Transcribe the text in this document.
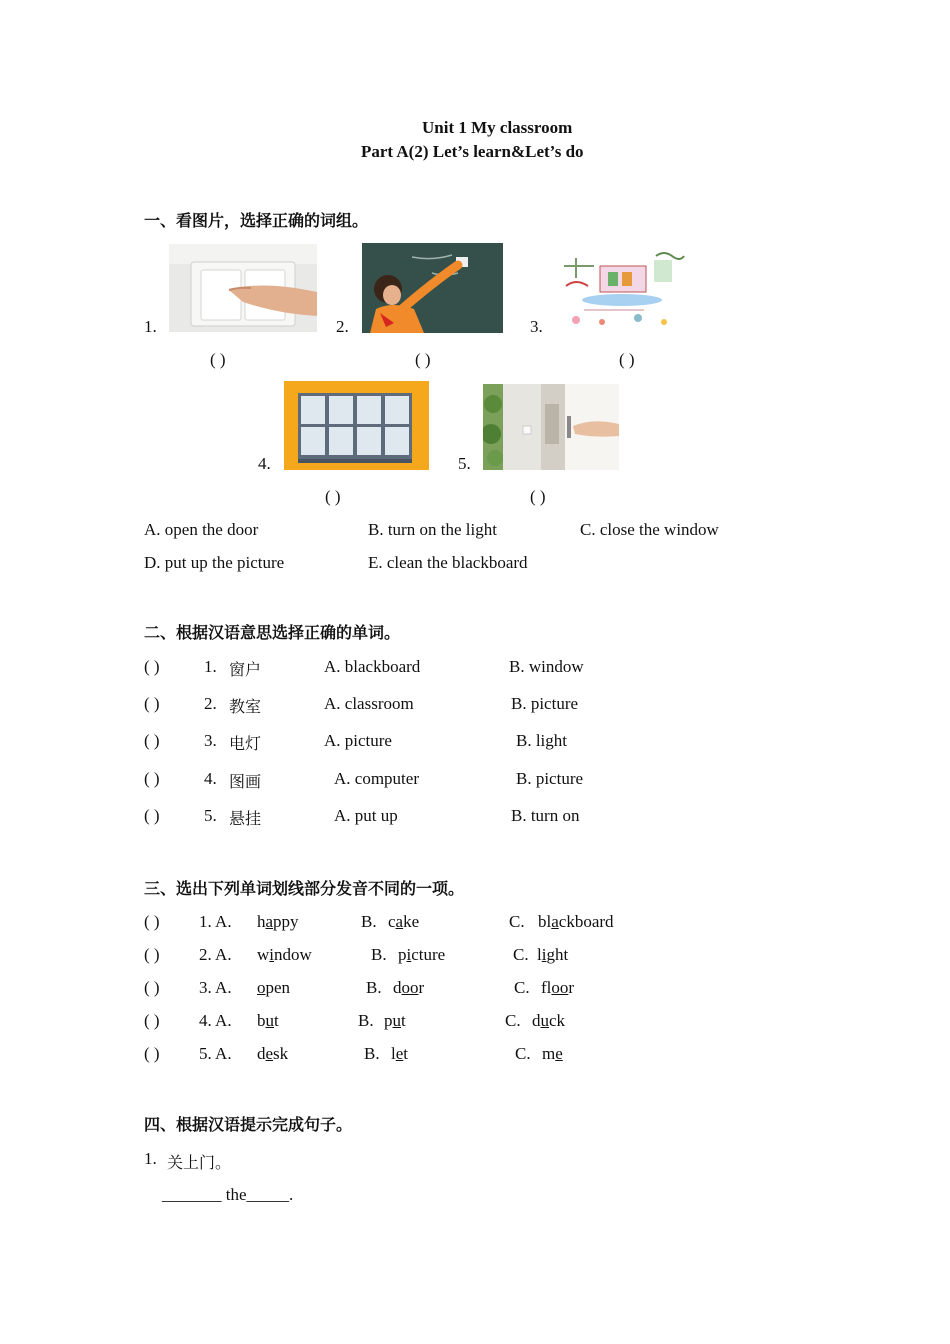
Unit 1 My classroom
Part A(2) Let’s learn&Let’s do
一、看图片，选择正确的词组。
1.
( )
2.
( )
3.
( )
4.
( )
5.
( )
A. open the door	B. turn on the light	C. close the window
D. put up the picture	E. clean the blackboard
二、根据汉语意思选择正确的单词。
( )	1. 窗户	A. blackboard	B. window
( )	2. 教室	A. classroom	B. picture
( )	3. 电灯	A. picture	B. light
( )	4. 图画	A. computer	B. picture
( )	5. 悬挂	A. put up	B. turn on
三、选出下列单词划线部分发音不同的一项。
( ) 1. A. happy	B. cake	C. blackboard
( ) 2. A. window	B. picture	C. light
( ) 3. A. open	B. door	C. floor
( ) 4. A. but	B. put	C. duck
( ) 5. A. desk	B. let	C. me
四、根据汉语提示完成句子。
1. 关上门。
_______ the_____.
